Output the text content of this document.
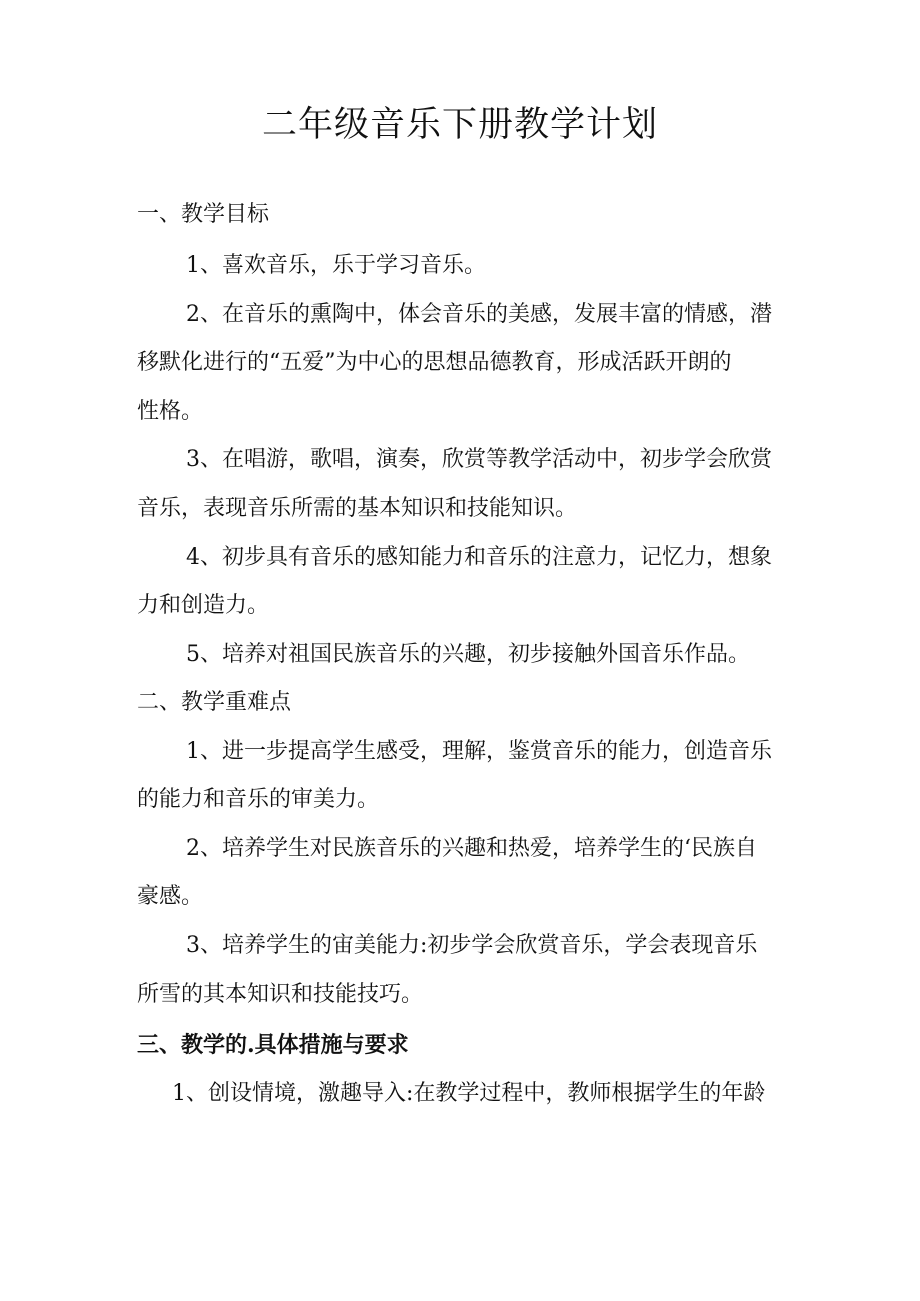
二年级音乐下册教学计划

一、教学目标

1、喜欢音乐，乐于学习音乐。

2、在音乐的熏陶中，体会音乐的美感，发展丰富的情感，潜

移默化进行的“五爱”为中心的思想品德教育，形成活跃开朗的

性格。

3、在唱游，歌唱，演奏，欣赏等教学活动中，初步学会欣赏

音乐，表现音乐所需的基本知识和技能知识。

4、初步具有音乐的感知能力和音乐的注意力，记忆力，想象

力和创造力。

5、培养对祖国民族音乐的兴趣，初步接触外国音乐作品。

二、教学重难点

1、进一步提高学生感受，理解，鉴赏音乐的能力，创造音乐

的能力和音乐的审美力。

2、培养学生对民族音乐的兴趣和热爱，培养学生的‘民族自

豪感。

3、培养学生的宙美能力:初步学会欣赏音乐，学会表现音乐

所雪的其本知识和技能技巧。

三、教学的.具体措施与要求

1、创设情境，激趣导入:在教学过程中，教师根据学生的年龄
